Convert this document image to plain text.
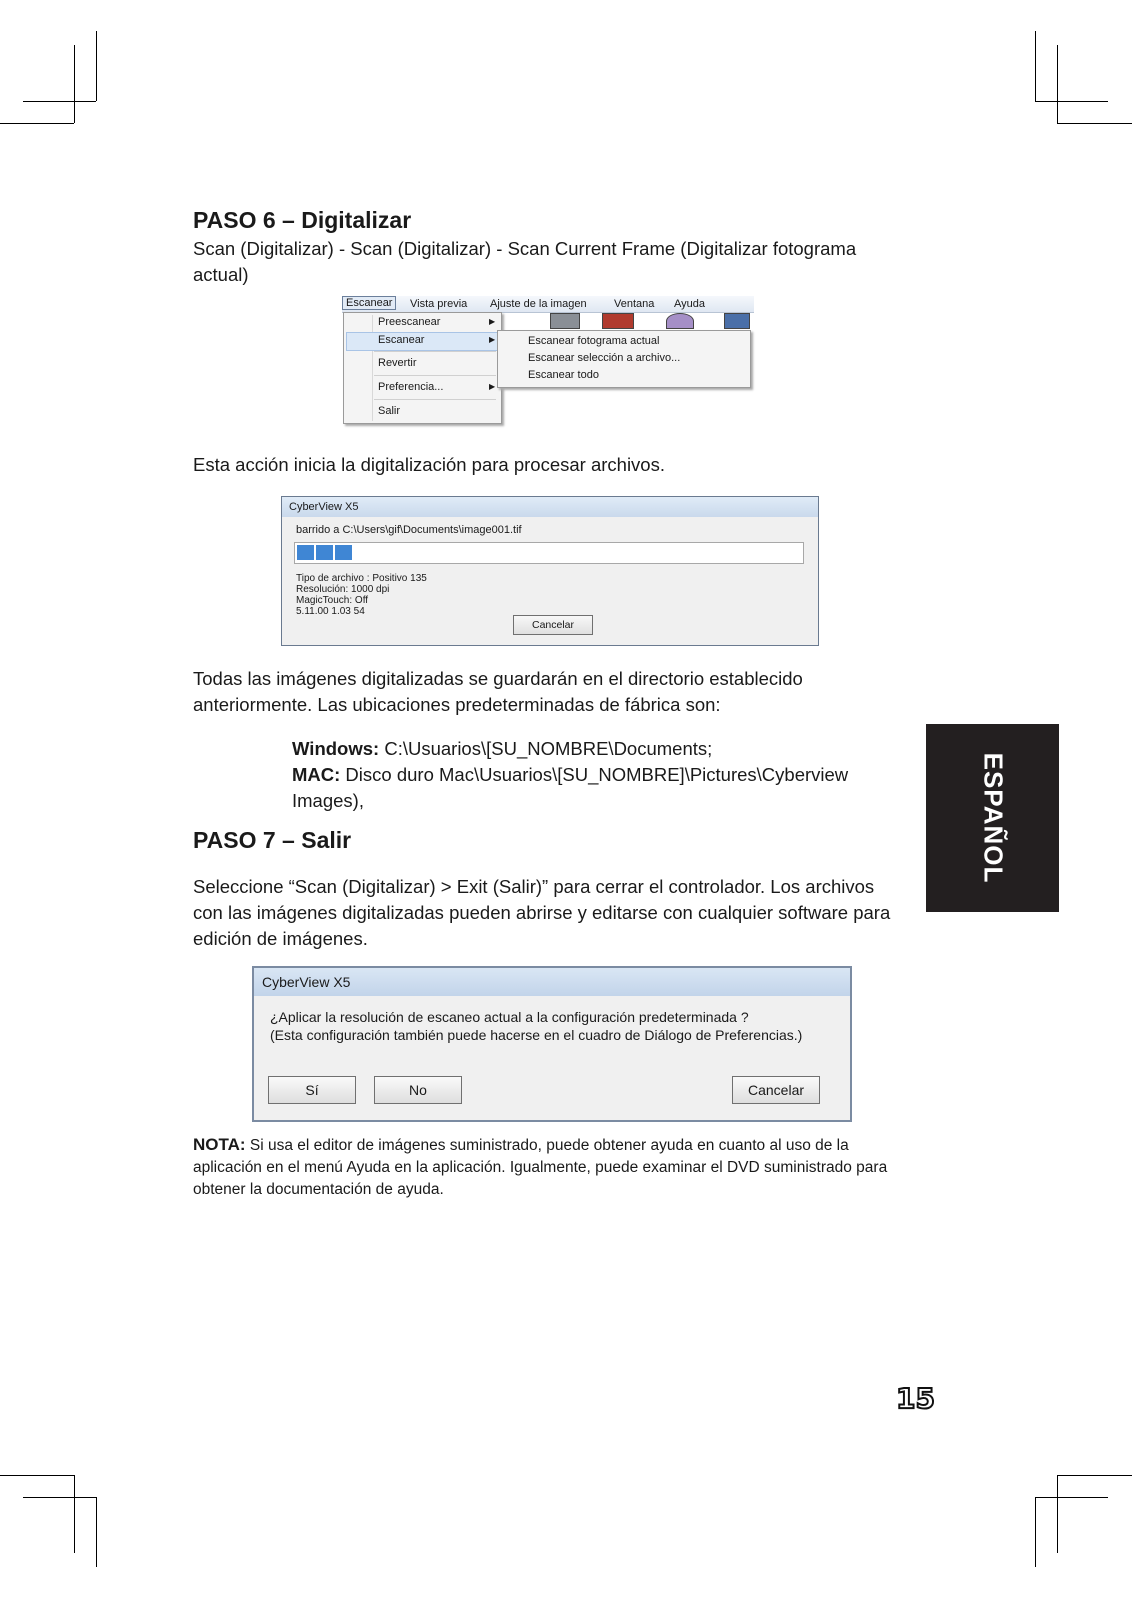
PASO 6 – Digitalizar

Scan (Digitalizar) - Scan (Digitalizar) - Scan Current Frame (Digitalizar fotograma actual)

Escanear	Vista previa Ajuste de la imagen Ventana Ayuda
Preescanear	▶
Escanear	▶
Revertir
Preferencia...	▶
Salir
Escanear fotograma actual
Escanear selección a archivo...
Escanear todo

Esta acción inicia la digitalización para procesar archivos.

CyberView X5
barrido a C:\Users\gif\Documents\image001.tif
Tipo de archivo : Positivo 135
Resolución: 1000 dpi
MagicTouch: Off
5.11.00 1.03 54
Cancelar

Todas las imágenes digitalizadas se guardarán en el directorio establecido anteriormente. Las ubicaciones predeterminadas de fábrica son:

Windows: C:\Usuarios\[SU_NOMBRE\Documents;
MAC: Disco duro Mac\Usuarios\[SU_NOMBRE]\Pictures\Cyberview Images),
PASO 7 – Salir

Seleccione “Scan (Digitalizar) > Exit (Salir)” para cerrar el controlador. Los archivos con las imágenes digitalizadas pueden abrirse y editarse con cualquier software para edición de imágenes.

CyberView X5
¿Aplicar la resolución de escaneo actual a la configuración predeterminada ?
(Esta configuración también puede hacerse en el cuadro de Diálogo de Preferencias.)
Sí	No	Cancelar
NOTA: Si usa el editor de imágenes suministrado, puede obtener ayuda en cuanto al uso de la aplicación en el menú Ayuda en la aplicación. Igualmente, puede examinar el DVD suministrado para obtener la documentación de ayuda.
ESPAÑOL
15
